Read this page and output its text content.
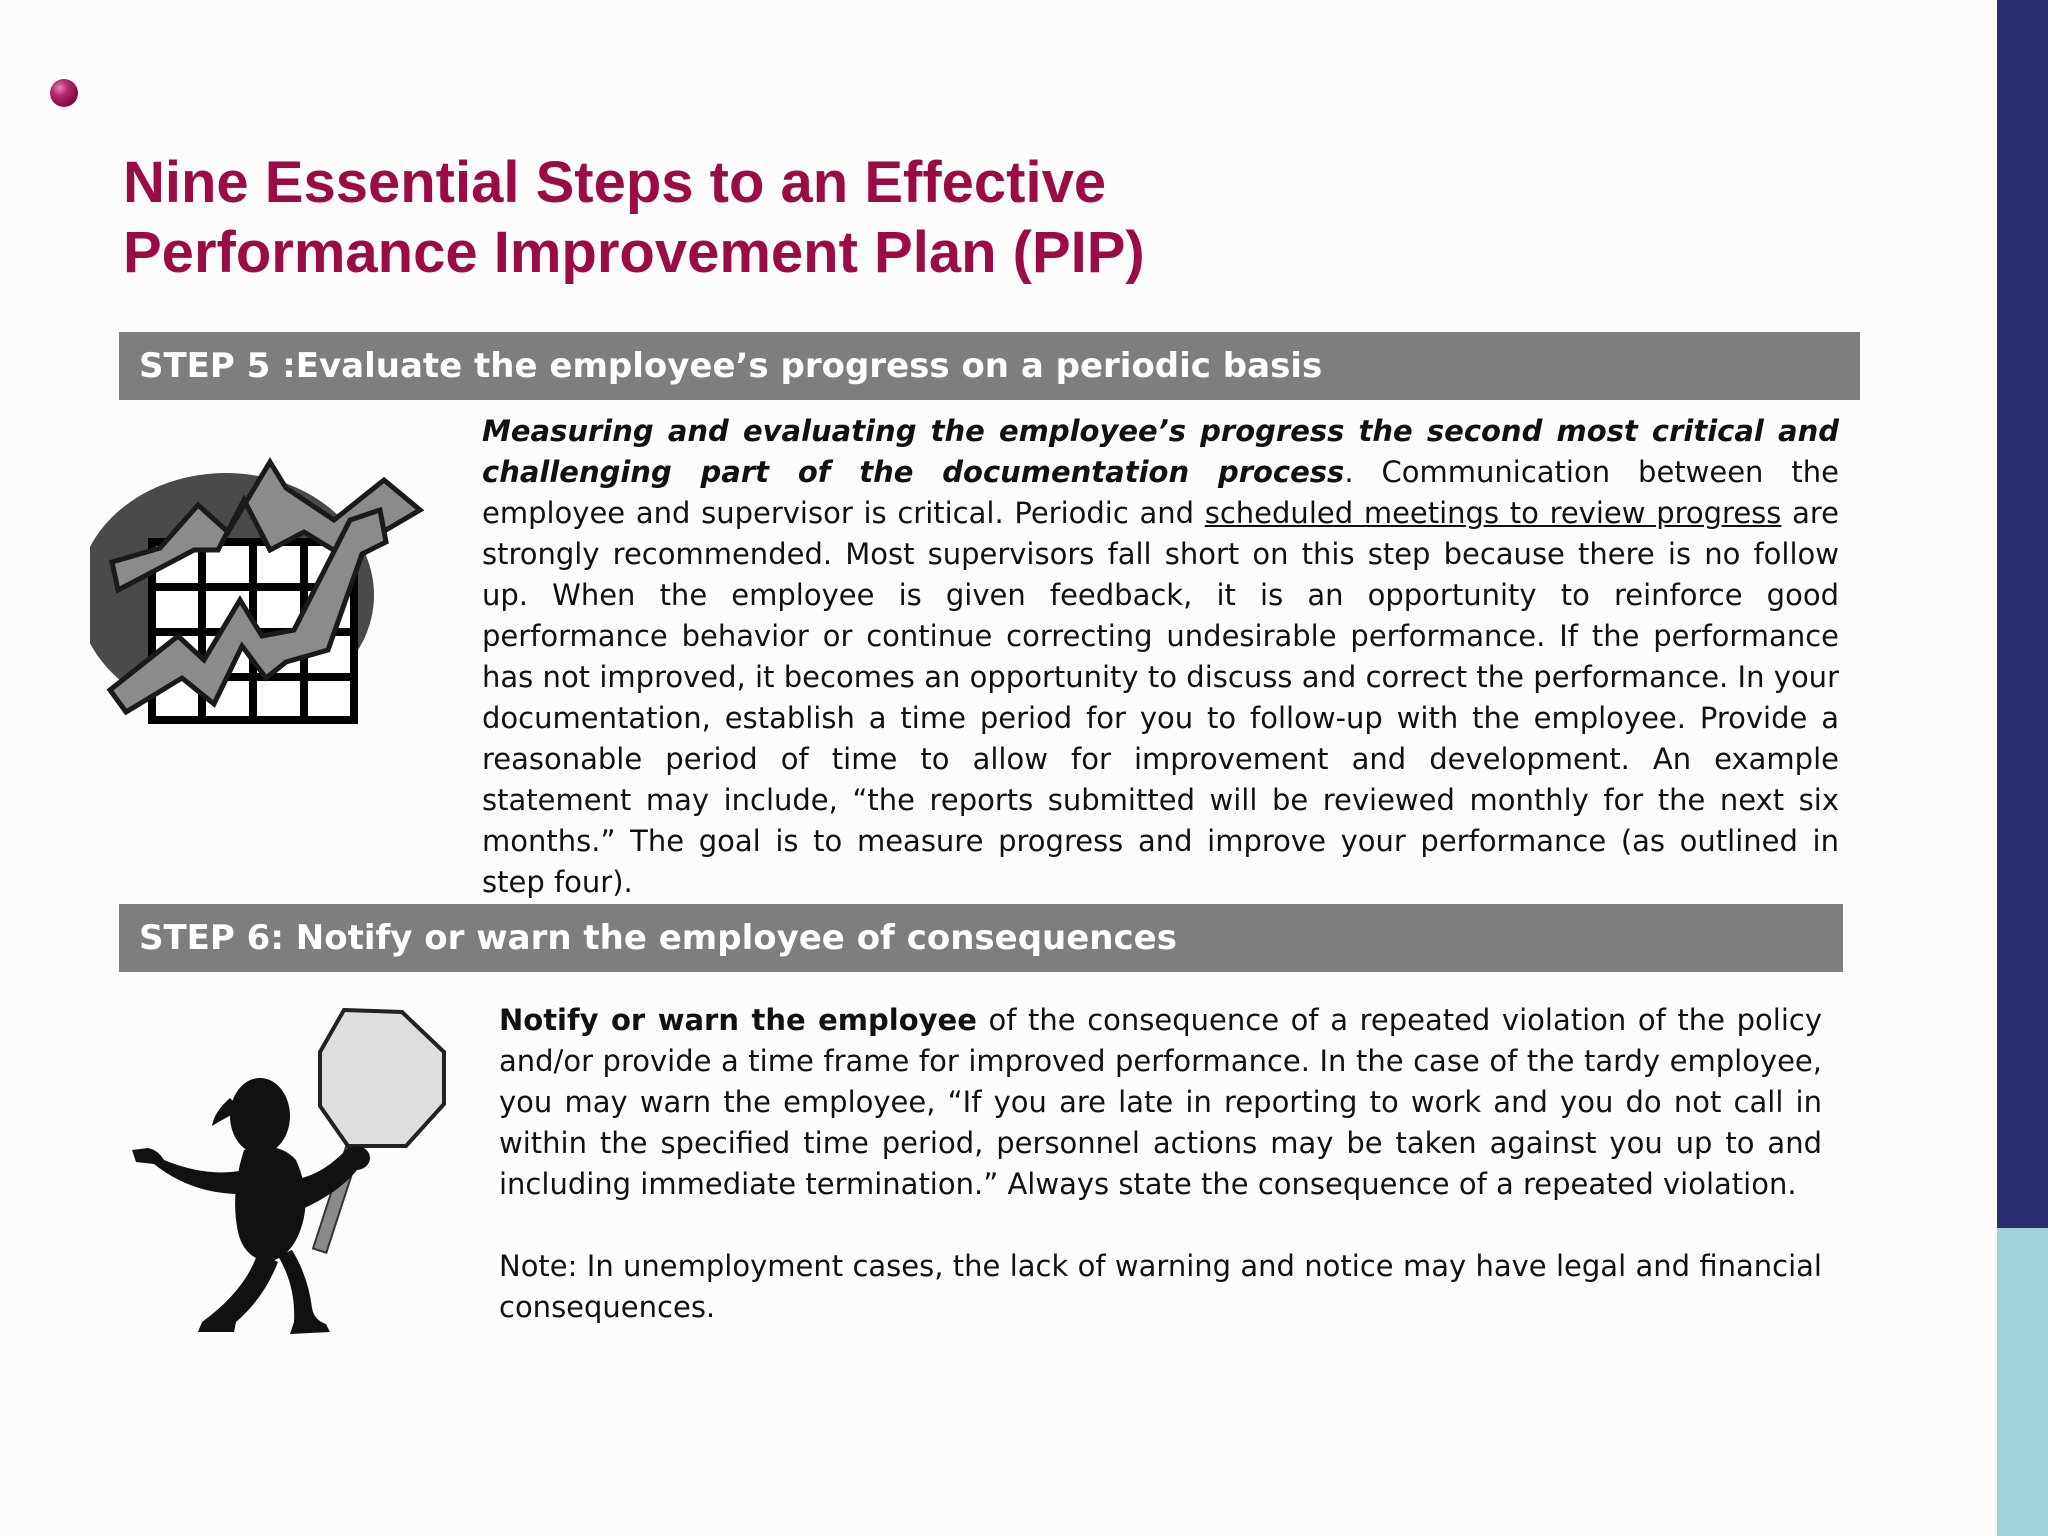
Nine Essential Steps to an Effective
Performance Improvement Plan (PIP)
STEP 5 :Evaluate the employee’s progress on a periodic basis

Measuring and evaluating the employee’s progress the second most critical and challenging part of the documentation process. Communication between the employee and supervisor is critical. Periodic and scheduled meetings to review progress are strongly recommended. Most supervisors fall short on this step because there is no follow up. When the employee is given feedback, it is an opportunity to reinforce good performance behavior or continue correcting undesirable performance. If the performance has not improved, it becomes an opportunity to discuss and correct the performance. In your documentation, establish a time period for you to follow-up with the employee. Provide a reasonable period of time to allow for improvement and development. An example statement may include, “the reports submitted will be reviewed monthly for the next six months.” The goal is to measure progress and improve your performance (as outlined in step four).

STEP 6: Notify or warn the employee of consequences

Notify or warn the employee of the consequence of a repeated violation of the policy and/or provide a time frame for improved performance. In the case of the tardy employee, you may warn the employee, “If you are late in reporting to work and you do not call in within the specified time period, personnel actions may be taken against you up to and including immediate termination.” Always state the consequence of a repeated violation.

Note: In unemployment cases, the lack of warning and notice may have legal and financial consequences.
